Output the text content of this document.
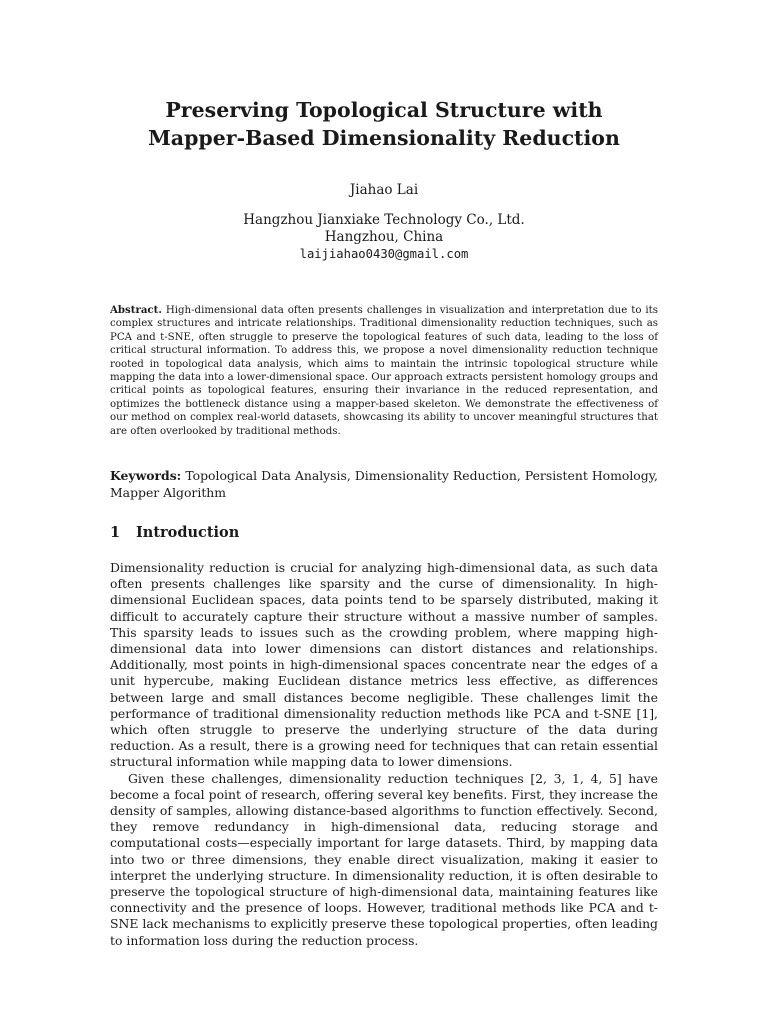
Preserving Topological Structure with
Mapper-Based Dimensionality Reduction
Jiahao Lai
Hangzhou Jianxiake Technology Co., Ltd.
Hangzhou, China
laijiahao0430@gmail.com
Abstract. High-dimensional data often presents challenges in visualization and interpretation due to its complex structures and intricate relationships. Traditional dimensionality reduction techniques, such as PCA and t-SNE, often struggle to preserve the topological features of such data, leading to the loss of critical structural information. To address this, we propose a novel dimensionality reduction technique rooted in topological data analysis, which aims to maintain the intrinsic topological structure while mapping the data into a lower-dimensional space. Our approach extracts persistent homology groups and critical points as topological features, ensuring their invariance in the reduced representation, and optimizes the bottleneck distance using a mapper-based skeleton. We demonstrate the effectiveness of our method on complex real-world datasets, showcasing its ability to uncover meaningful structures that are often overlooked by traditional methods.
Keywords: Topological Data Analysis, Dimensionality Reduction, Persistent Homology, Mapper Algorithm
1 Introduction

Dimensionality reduction is crucial for analyzing high-dimensional data, as such data often presents challenges like sparsity and the curse of dimensionality. In high-dimensional Euclidean spaces, data points tend to be sparsely distributed, making it difficult to accurately capture their structure without a massive number of samples. This sparsity leads to issues such as the crowding problem, where mapping high-dimensional data into lower dimensions can distort distances and relationships. Additionally, most points in high-dimensional spaces concentrate near the edges of a unit hypercube, making Euclidean distance metrics less effective, as differences between large and small distances become negligible. These challenges limit the performance of traditional dimensionality reduction methods like PCA and t-SNE [1], which often struggle to preserve the underlying structure of the data during reduction. As a result, there is a growing need for techniques that can retain essential structural information while mapping data to lower dimensions.

Given these challenges, dimensionality reduction techniques [2, 3, 1, 4, 5] have become a focal point of research, offering several key benefits. First, they increase the density of samples, allowing distance-based algorithms to function effectively. Second, they remove redundancy in high-dimensional data, reducing storage and computational costs—especially important for large datasets. Third, by mapping data into two or three dimensions, they enable direct visualization, making it easier to interpret the underlying structure. In dimensionality reduction, it is often desirable to preserve the topological structure of high-dimensional data, maintaining features like connectivity and the presence of loops. However, traditional methods like PCA and t-SNE lack mechanisms to explicitly preserve these topological properties, often leading to information loss during the reduction process.
